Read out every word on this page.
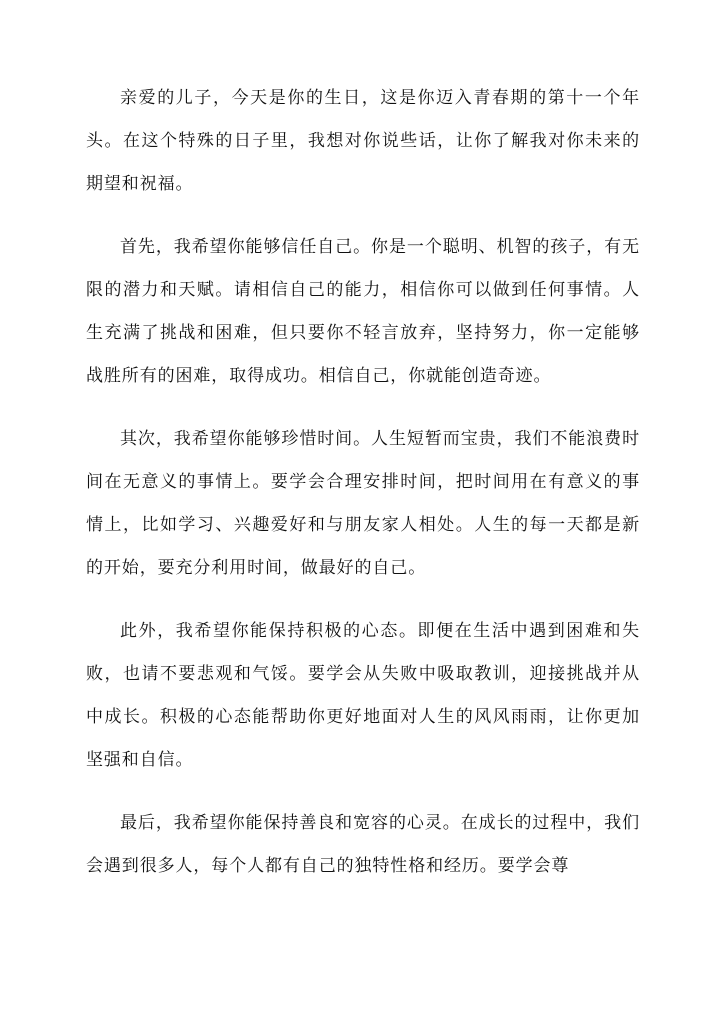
亲爱的儿子，今天是你的生日，这是你迈入青春期的第十一个年头。在这个特殊的日子里，我想对你说些话，让你了解我对你未来的期望和祝福。

首先，我希望你能够信任自己。你是一个聪明、机智的孩子，有无限的潜力和天赋。请相信自己的能力，相信你可以做到任何事情。人生充满了挑战和困难，但只要你不轻言放弃，坚持努力，你一定能够战胜所有的困难，取得成功。相信自己，你就能创造奇迹。

其次，我希望你能够珍惜时间。人生短暂而宝贵，我们不能浪费时间在无意义的事情上。要学会合理安排时间，把时间用在有意义的事情上，比如学习、兴趣爱好和与朋友家人相处。人生的每一天都是新的开始，要充分利用时间，做最好的自己。

此外，我希望你能保持积极的心态。即便在生活中遇到困难和失败，也请不要悲观和气馁。要学会从失败中吸取教训，迎接挑战并从中成长。积极的心态能帮助你更好地面对人生的风风雨雨，让你更加坚强和自信。

最后，我希望你能保持善良和宽容的心灵。在成长的过程中，我们会遇到很多人，每个人都有自己的独特性格和经历。要学会尊
